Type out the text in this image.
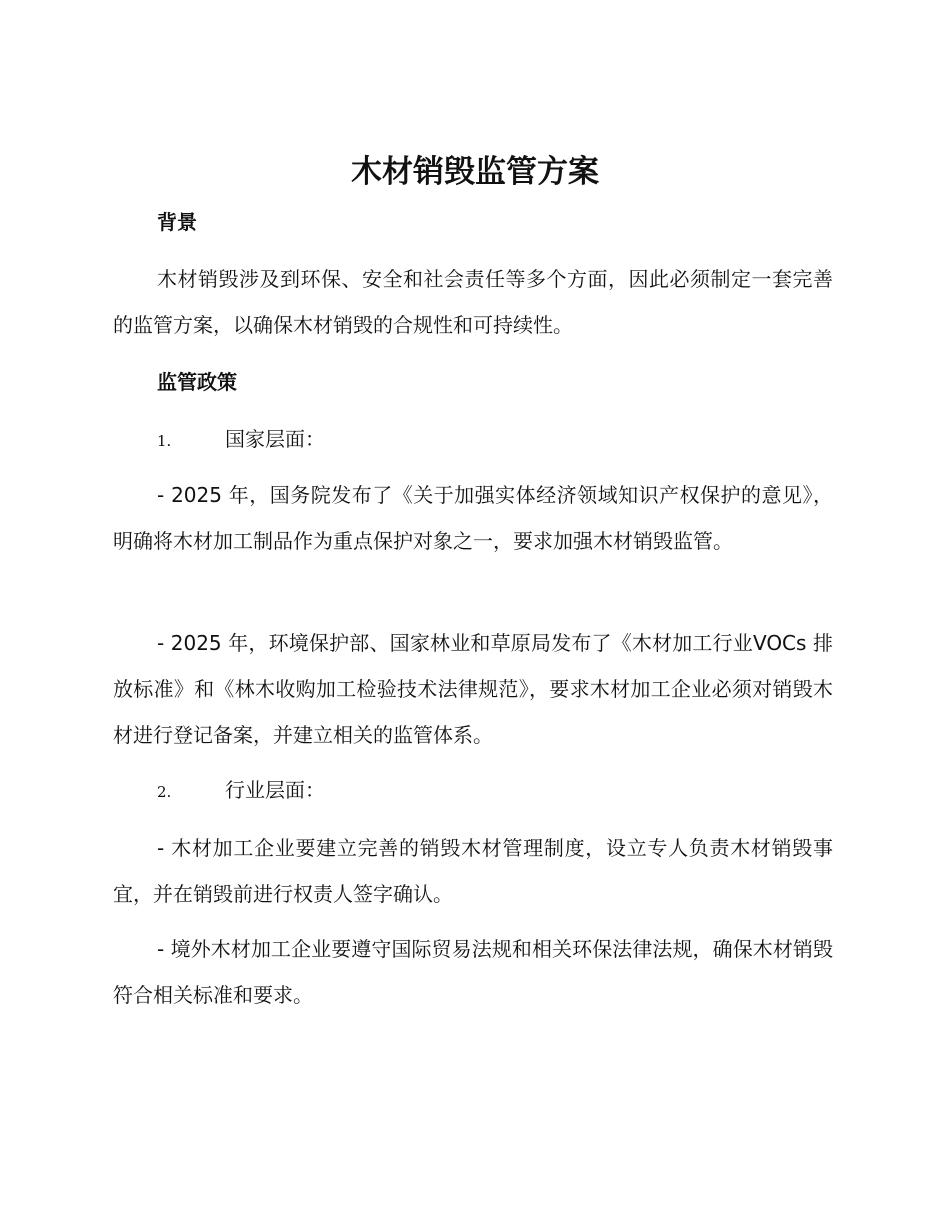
木材销毁监管方案
背景

木材销毁涉及到环保、安全和社会责任等多个方面，因此必须制定一套完善的监管方案，以确保木材销毁的合规性和可持续性。

监管政策
1.	国家层面：

- 2025 年，国务院发布了《关于加强实体经济领域知识产权保护的意见》，明确将木材加工制品作为重点保护对象之一，要求加强木材销毁监管。

- 2025 年，环境保护部、国家林业和草原局发布了《木材加工行业VOCs 排放标准》和《林木收购加工检验技术法律规范》，要求木材加工企业必须对销毁木材进行登记备案，并建立相关的监管体系。

2.	行业层面：

- 木材加工企业要建立完善的销毁木材管理制度，设立专人负责木材销毁事宜，并在销毁前进行权责人签字确认。

- 境外木材加工企业要遵守国际贸易法规和相关环保法律法规，确保木材销毁符合相关标准和要求。
